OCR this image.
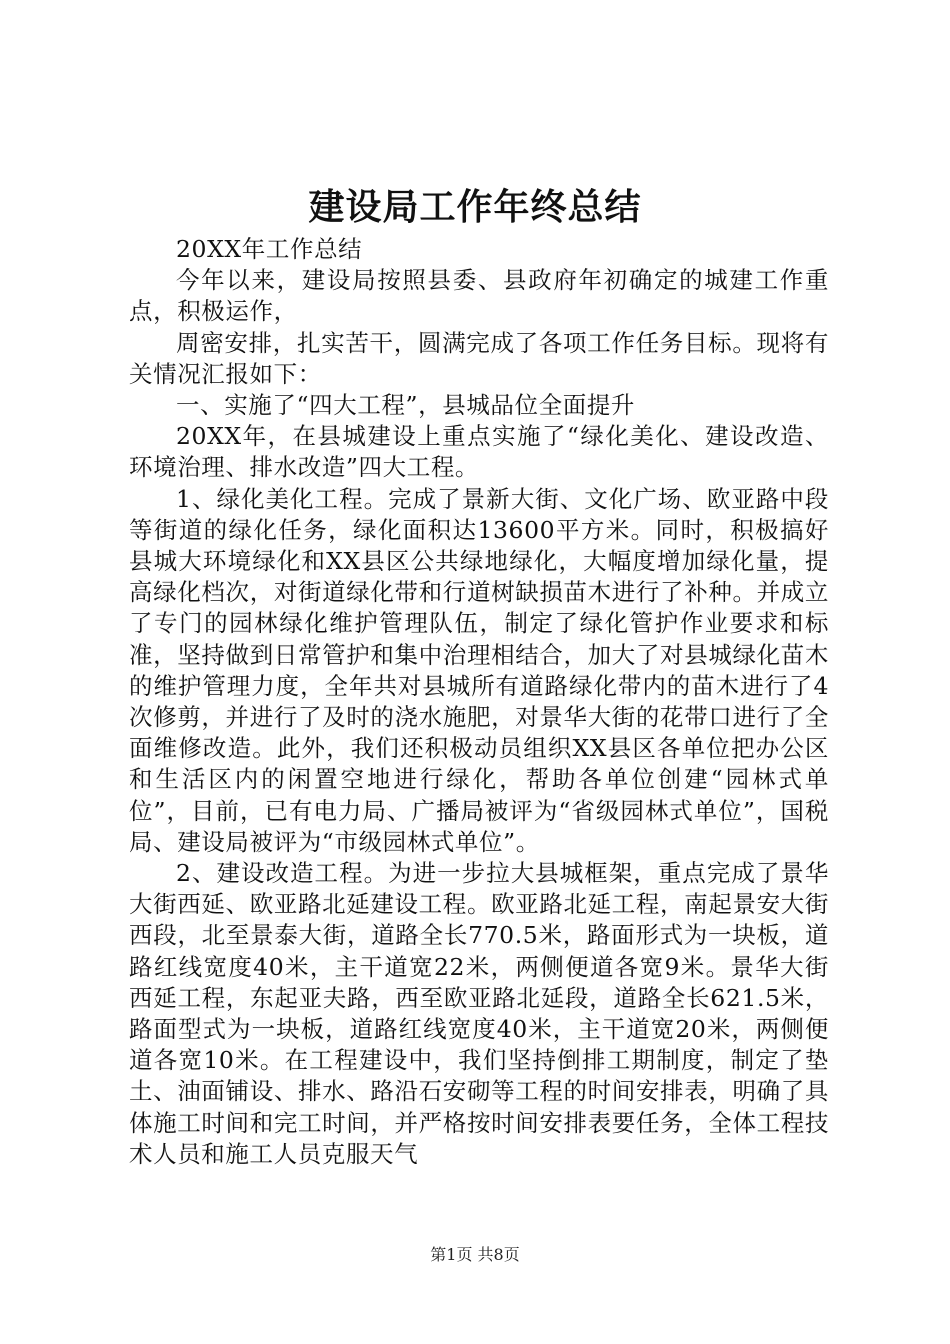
建设局工作年终总结

20XX年工作总结

今年以来，建设局按照县委、县政府年初确定的城建工作重点，积极运作，

周密安排，扎实苦干，圆满完成了各项工作任务目标。现将有关情况汇报如下：

一、实施了“四大工程”，县城品位全面提升

20XX年，在县城建设上重点实施了“绿化美化、建设改造、环境治理、排水改造”四大工程。

1、绿化美化工程。完成了景新大街、文化广场、欧亚路中段等街道的绿化任务，绿化面积达13600平方米。同时，积极搞好县城大环境绿化和XX县区公共绿地绿化，大幅度增加绿化量，提高绿化档次，对街道绿化带和行道树缺损苗木进行了补种。并成立了专门的园林绿化维护管理队伍，制定了绿化管护作业要求和标准，坚持做到日常管护和集中治理相结合，加大了对县城绿化苗木的维护管理力度，全年共对县城所有道路绿化带内的苗木进行了4次修剪，并进行了及时的浇水施肥，对景华大街的花带口进行了全面维修改造。此外，我们还积极动员组织XX县区各单位把办公区和生活区内的闲置空地进行绿化，帮助各单位创建“园林式单位”，目前，已有电力局、广播局被评为“省级园林式单位”，国税局、建设局被评为“市级园林式单位”。

2、建设改造工程。为进一步拉大县城框架，重点完成了景华大街西延、欧亚路北延建设工程。欧亚路北延工程，南起景安大街西段，北至景泰大街，道路全长770.5米，路面形式为一块板，道路红线宽度40米，主干道宽22米，两侧便道各宽9米。景华大街西延工程，东起亚夫路，西至欧亚路北延段，道路全长621.5米，路面型式为一块板，道路红线宽度40米，主干道宽20米，两侧便道各宽10米。在工程建设中，我们坚持倒排工期制度，制定了垫土、油面铺设、排水、路沿石安砌等工程的时间安排表，明确了具体施工时间和完工时间，并严格按时间安排表要任务，全体工程技术人员和施工人员克服天气

第1页 共8页
